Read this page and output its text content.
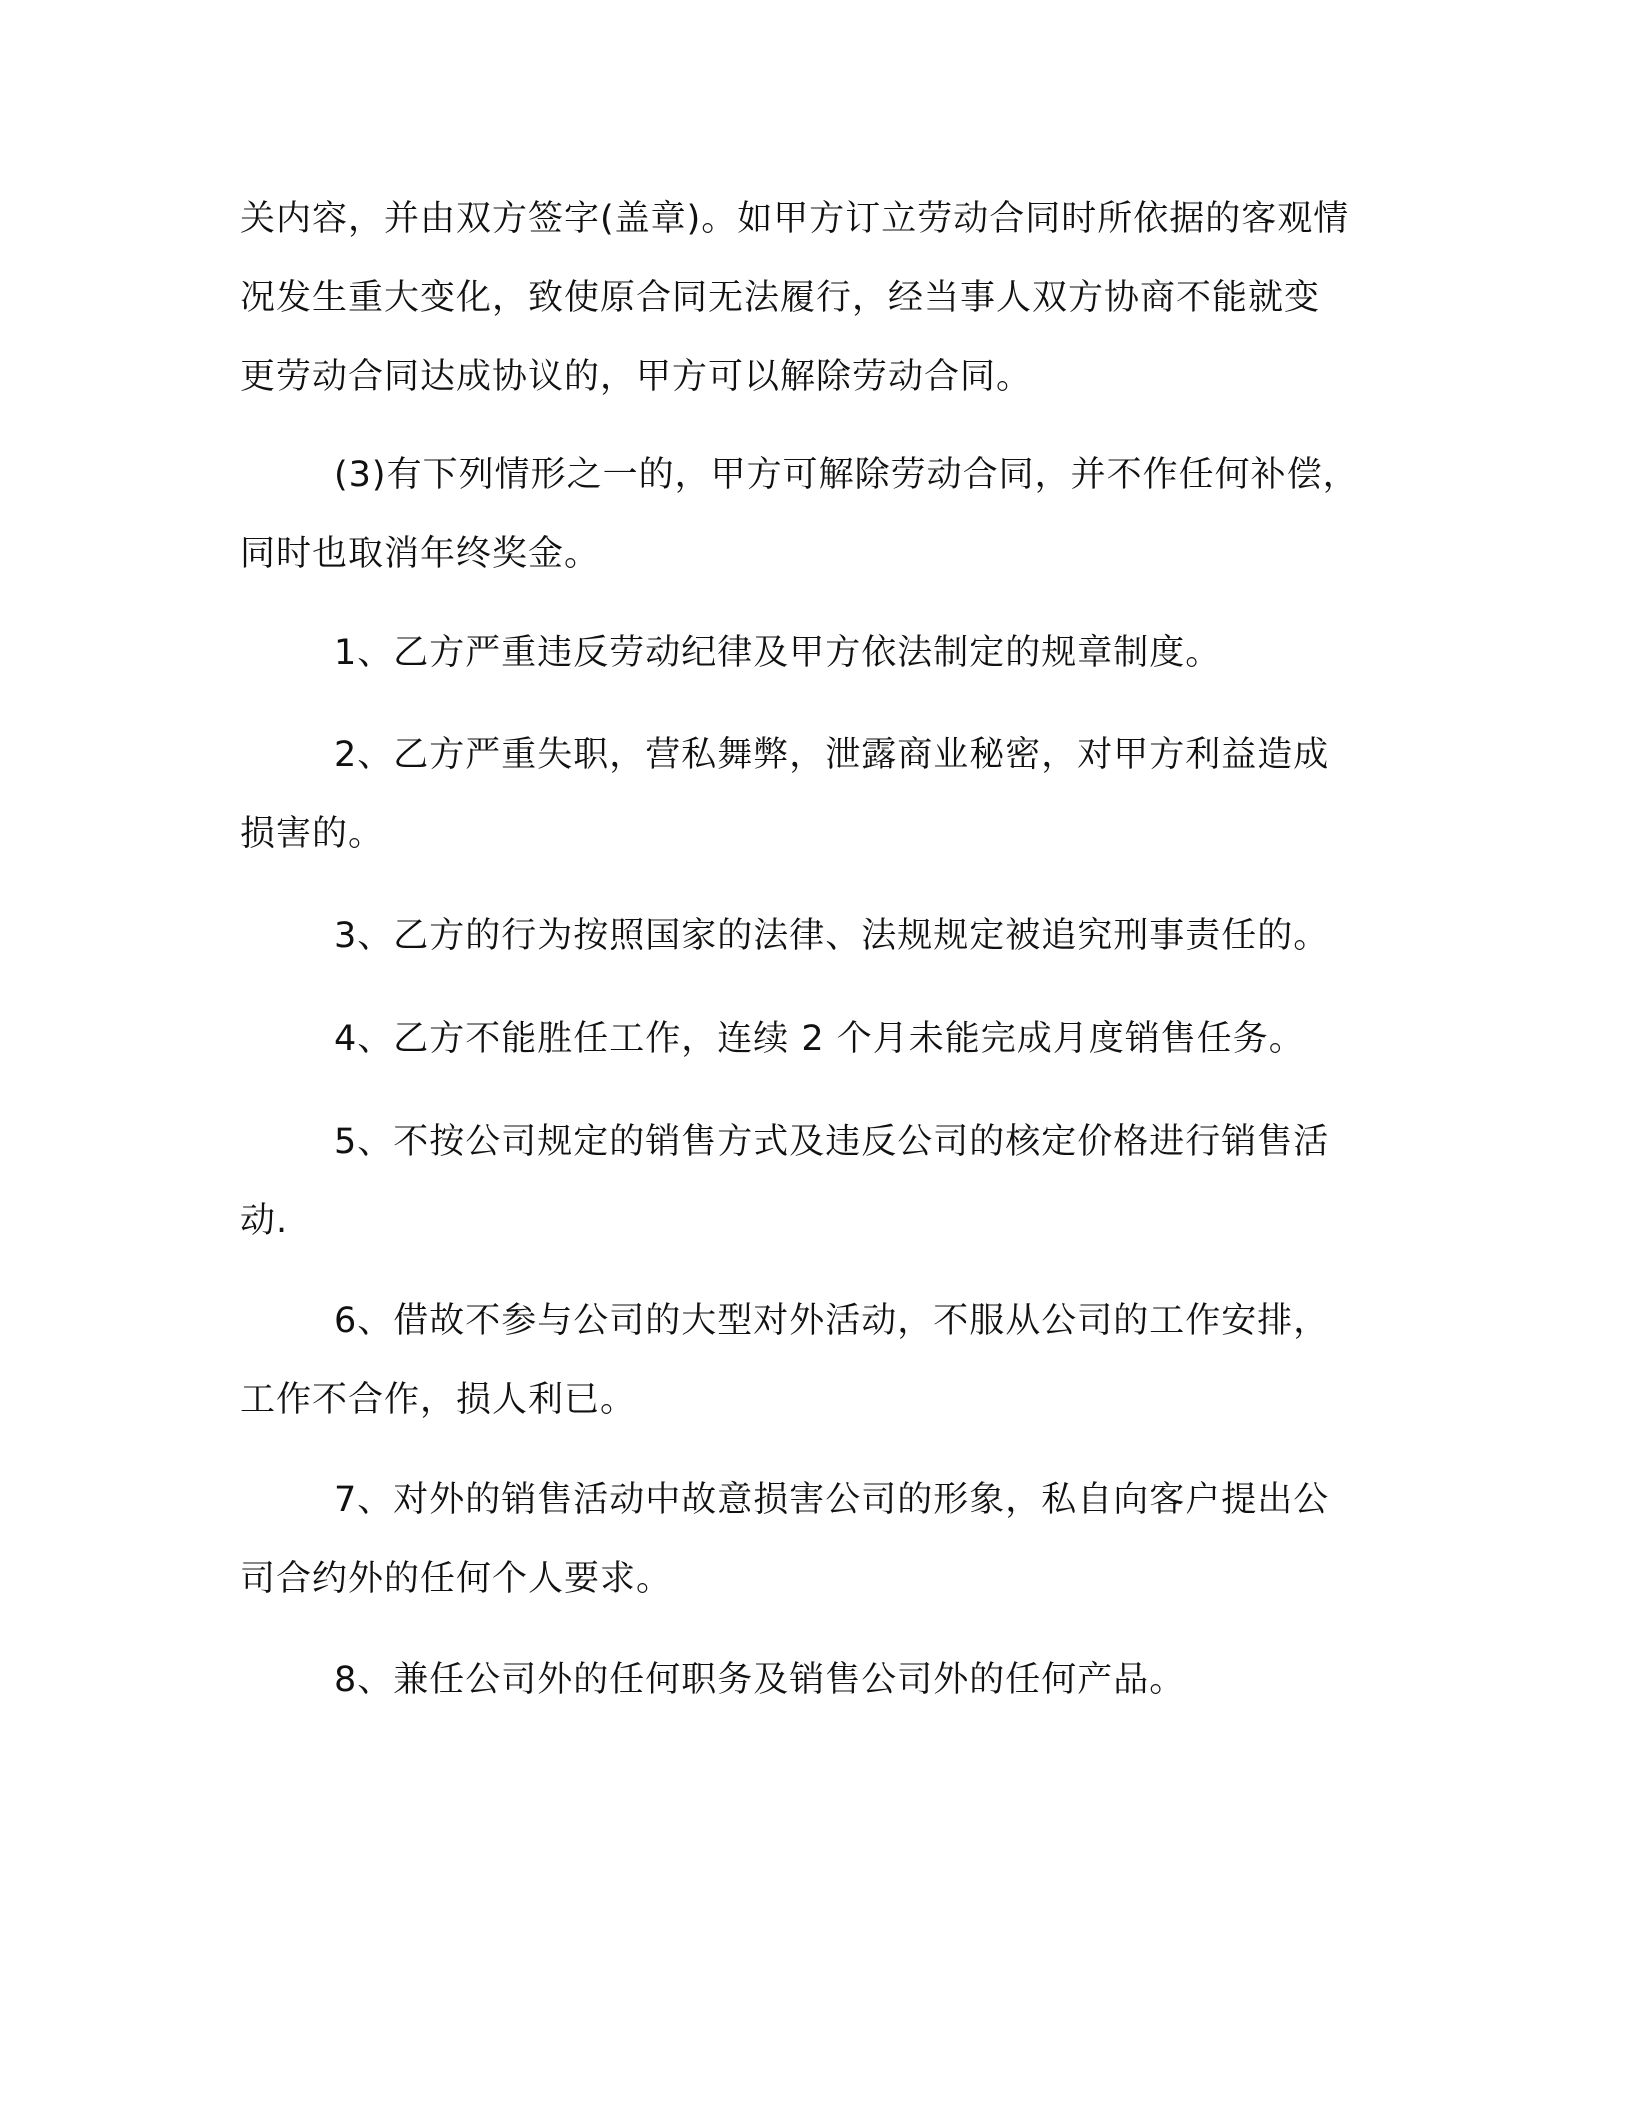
关内容，并由双方签字(盖章)。如甲方订立劳动合同时所依据的客观情
况发生重大变化，致使原合同无法履行，经当事人双方协商不能就变
更劳动合同达成协议的，甲方可以解除劳动合同。

(3)有下列情形之一的，甲方可解除劳动合同，并不作任何补偿，
同时也取消年终奖金。

1、乙方严重违反劳动纪律及甲方依法制定的规章制度。

2、乙方严重失职，营私舞弊，泄露商业秘密，对甲方利益造成
损害的。

3、乙方的行为按照国家的法律、法规规定被追究刑事责任的。

4、乙方不能胜任工作，连续 2 个月未能完成月度销售任务。

5、不按公司规定的销售方式及违反公司的核定价格进行销售活
动.

6、借故不参与公司的大型对外活动，不服从公司的工作安排，
工作不合作，损人利已。

7、对外的销售活动中故意损害公司的形象，私自向客户提出公
司合约外的任何个人要求。

8、兼任公司外的任何职务及销售公司外的任何产品。
